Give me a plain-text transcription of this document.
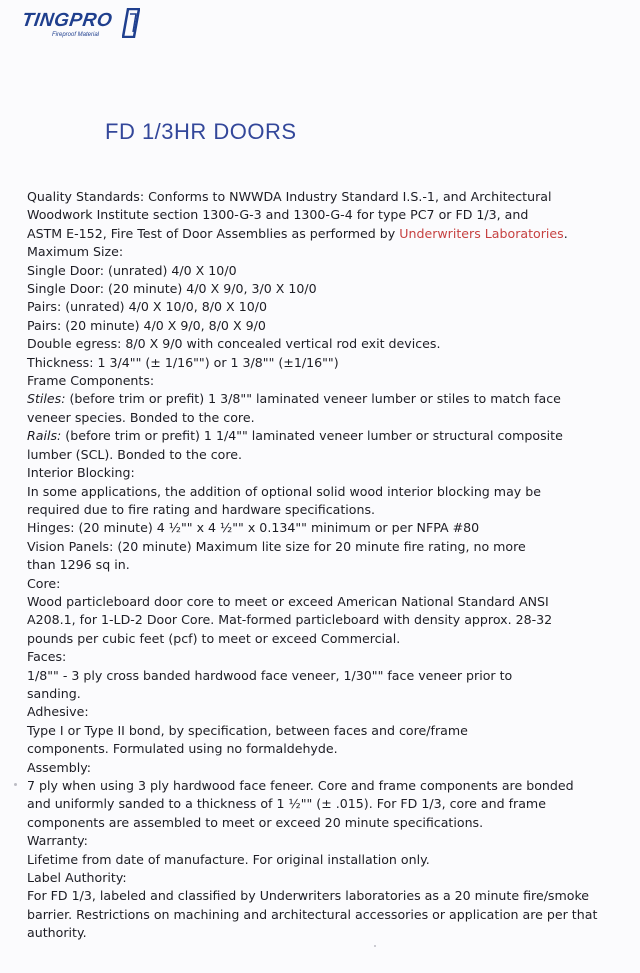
TINGPRO
Fireproof Material
FD 1/3HR DOORS
Quality Standards: Conforms to NWWDA Industry Standard I.S.-1, and Architectural
Woodwork Institute section 1300-G-3 and 1300-G-4 for type PC7 or FD 1/3, and
ASTM E-152, Fire Test of Door Assemblies as performed by Underwriters Laboratories.
Maximum Size:
Single Door: (unrated) 4/0 X 10/0
Single Door: (20 minute) 4/0 X 9/0, 3/0 X 10/0
Pairs: (unrated) 4/0 X 10/0, 8/0 X 10/0
Pairs: (20 minute) 4/0 X 9/0, 8/0 X 9/0
Double egress: 8/0 X 9/0 with concealed vertical rod exit devices.
Thickness: 1 3/4"" (± 1/16"") or 1 3/8"" (±1/16"")
Frame Components:
Stiles: (before trim or prefit) 1 3/8"" laminated veneer lumber or stiles to match face
veneer species. Bonded to the core.
Rails: (before trim or prefit) 1 1/4"" laminated veneer lumber or structural composite
lumber (SCL). Bonded to the core.
Interior Blocking:
In some applications, the addition of optional solid wood interior blocking may be
required due to fire rating and hardware specifications.
Hinges: (20 minute) 4 ½"" x 4 ½"" x 0.134"" minimum or per NFPA #80
Vision Panels: (20 minute) Maximum lite size for 20 minute fire rating, no more
than 1296 sq in.
Core:
Wood particleboard door core to meet or exceed American National Standard ANSI
A208.1, for 1-LD-2 Door Core. Mat-formed particleboard with density approx. 28-32
pounds per cubic feet (pcf) to meet or exceed Commercial.
Faces:
1/8"" - 3 ply cross banded hardwood face veneer, 1/30"" face veneer prior to
sanding.
Adhesive:
Type I or Type II bond, by specification, between faces and core/frame
components. Formulated using no formaldehyde.
Assembly:
7 ply when using 3 ply hardwood face feneer. Core and frame components are bonded
and uniformly sanded to a thickness of 1 ½"" (± .015). For FD 1/3, core and frame
components are assembled to meet or exceed 20 minute specifications.
Warranty:
Lifetime from date of manufacture. For original installation only.
Label Authority:
For FD 1/3, labeled and classified by Underwriters laboratories as a 20 minute fire/smoke
barrier. Restrictions on machining and architectural accessories or application are per that
authority.
